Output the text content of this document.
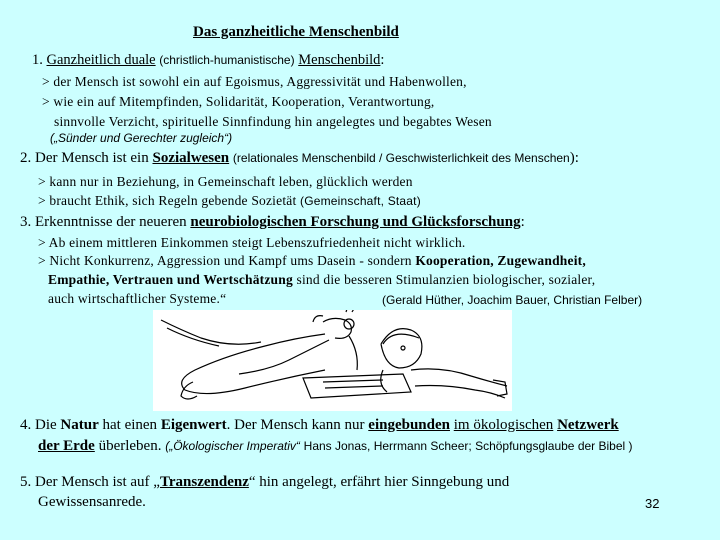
Das ganzheitliche Menschenbild
1. Ganzheitlich duale (christlich-humanistische) Menschenbild:
> der Mensch ist sowohl ein auf Egoismus, Aggressivität und Habenwollen,
> wie ein auf Mitempfinden, Solidarität, Kooperation, Verantwortung,
sinnvolle Verzicht, spirituelle Sinnfindung hin angelegtes und begabtes Wesen
(„Sünder und Gerechter zugleich“)
2. Der Mensch ist ein Sozialwesen (relationales Menschenbild / Geschwisterlichkeit des Menschen):
> kann nur in Beziehung, in Gemeinschaft leben, glücklich werden
> braucht Ethik, sich Regeln gebende Sozietät (Gemeinschaft, Staat)
3. Erkenntnisse der neueren neurobiologischen Forschung und Glücksforschung:
> Ab einem mittleren Einkommen steigt Lebenszufriedenheit nicht wirklich.
> Nicht Konkurrenz, Aggression und Kampf ums Dasein - sondern Kooperation, Zugewandheit,
Empathie, Vertrauen und Wertschätzung sind die besseren Stimulanzien biologischer, sozialer,
auch wirtschaftlicher Systeme.“	(Gerald Hüther, Joachim Bauer, Christian Felber)
4. Die Natur hat einen Eigenwert. Der Mensch kann nur eingebunden im ökologischen Netzwerk
der Erde überleben. („Ökologischer Imperativ“ Hans Jonas, Herrmann Scheer; Schöpfungsglaube der Bibel )
5. Der Mensch ist auf „Transzendenz“ hin angelegt, erfährt hier Sinngebung und
Gewissensanrede.	32
